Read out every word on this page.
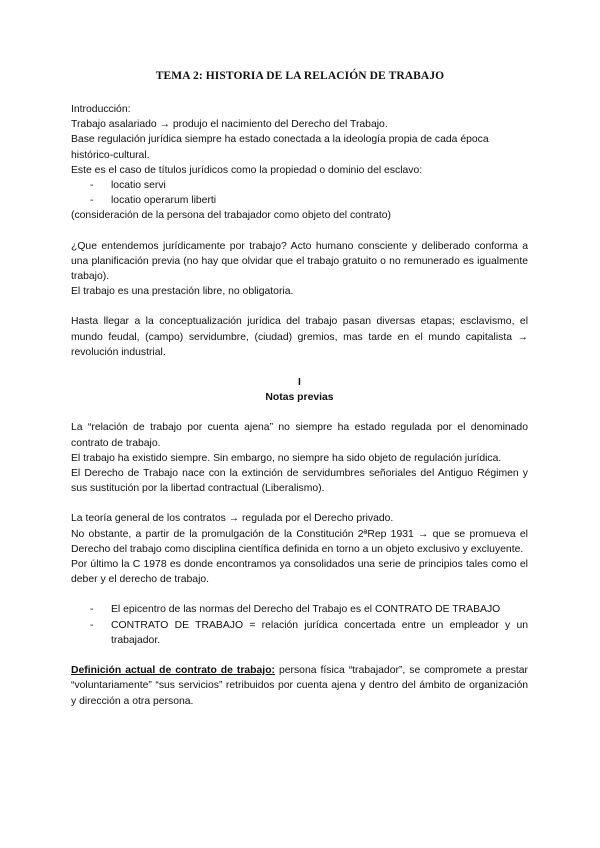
TEMA 2: HISTORIA DE LA RELACIÓN DE TRABAJO

Introducción:

Trabajo asalariado → produjo el nacimiento del Derecho del Trabajo.

Base regulación jurídica siempre ha estado conectada a la ideología propia de cada época histórico-cultural.

Este es el caso de títulos jurídicos como la propiedad o dominio del esclavo:

- locatio servi
- locatio operarum liberti

(consideración de la persona del trabajador como objeto del contrato)

¿Que entendemos jurídicamente por trabajo? Acto humano consciente y deliberado conforma a una planificación previa (no hay que olvidar que el trabajo gratuito o no remunerado es igualmente trabajo).

El trabajo es una prestación libre, no obligatoria.

Hasta llegar a la conceptualización jurídica del trabajo pasan diversas etapas; esclavismo, el mundo feudal, (campo) servidumbre, (ciudad) gremios, mas tarde en el mundo capitalista → revolución industrial.

I

Notas previas

La “relación de trabajo por cuenta ajena” no siempre ha estado regulada por el denominado contrato de trabajo.

El trabajo ha existido siempre. Sin embargo, no siempre ha sido objeto de regulación jurídica.

El Derecho de Trabajo nace con la extinción de servidumbres señoriales del Antiguo Régimen y sus sustitución por la libertad contractual (Liberalismo).

La teoría general de los contratos → regulada por el Derecho privado.

No obstante, a partir de la promulgación de la Constitución 2ªRep 1931 → que se promueva el Derecho del trabajo como disciplina científica definida en torno a un objeto exclusivo y excluyente.

Por último la C 1978 es donde encontramos ya consolidados una serie de principios tales como el deber y el derecho de trabajo.

- El epicentro de las normas del Derecho del Trabajo es el CONTRATO DE TRABAJO
- CONTRATO DE TRABAJO = relación jurídica concertada entre un empleador y un trabajador.

Definición actual de contrato de trabajo: persona física “trabajador”, se compromete a prestar “voluntariamente” “sus servicios” retribuidos por cuenta ajena y dentro del ámbito de organización y dirección a otra persona.
